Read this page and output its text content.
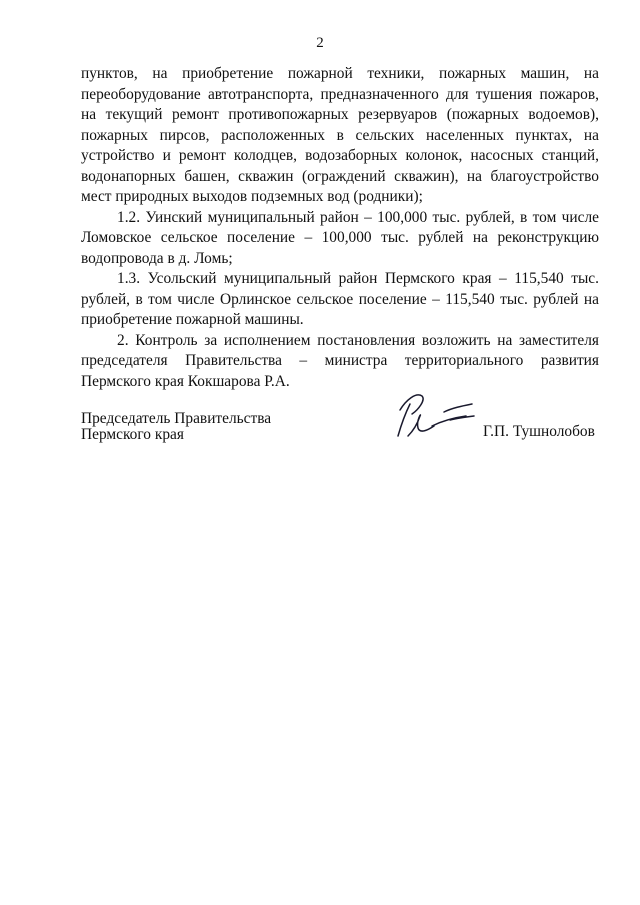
2

пунктов, на приобретение пожарной техники, пожарных машин, на переоборудование автотранспорта, предназначенного для тушения пожаров, на текущий ремонт противопожарных резервуаров (пожарных водоемов), пожарных пирсов, расположенных в сельских населенных пунктах, на устройство и ремонт колодцев, водозаборных колонок, насосных станций, водонапорных башен, скважин (ограждений скважин), на благоустройство мест природных выходов подземных вод (родники);

1.2. Уинский муниципальный район – 100,000 тыс. рублей, в том числе Ломовское сельское поселение – 100,000 тыс. рублей на реконструкцию водопровода в д. Ломь;

1.3. Усольский муниципальный район Пермского края – 115,540 тыс. рублей, в том числе Орлинское сельское поселение – 115,540 тыс. рублей на приобретение пожарной машины.

2. Контроль за исполнением постановления возложить на заместителя председателя Правительства – министра территориального развития Пермского края Кокшарова Р.А.

Председатель Правительства
Пермского края	Г.П. Тушнолобов
